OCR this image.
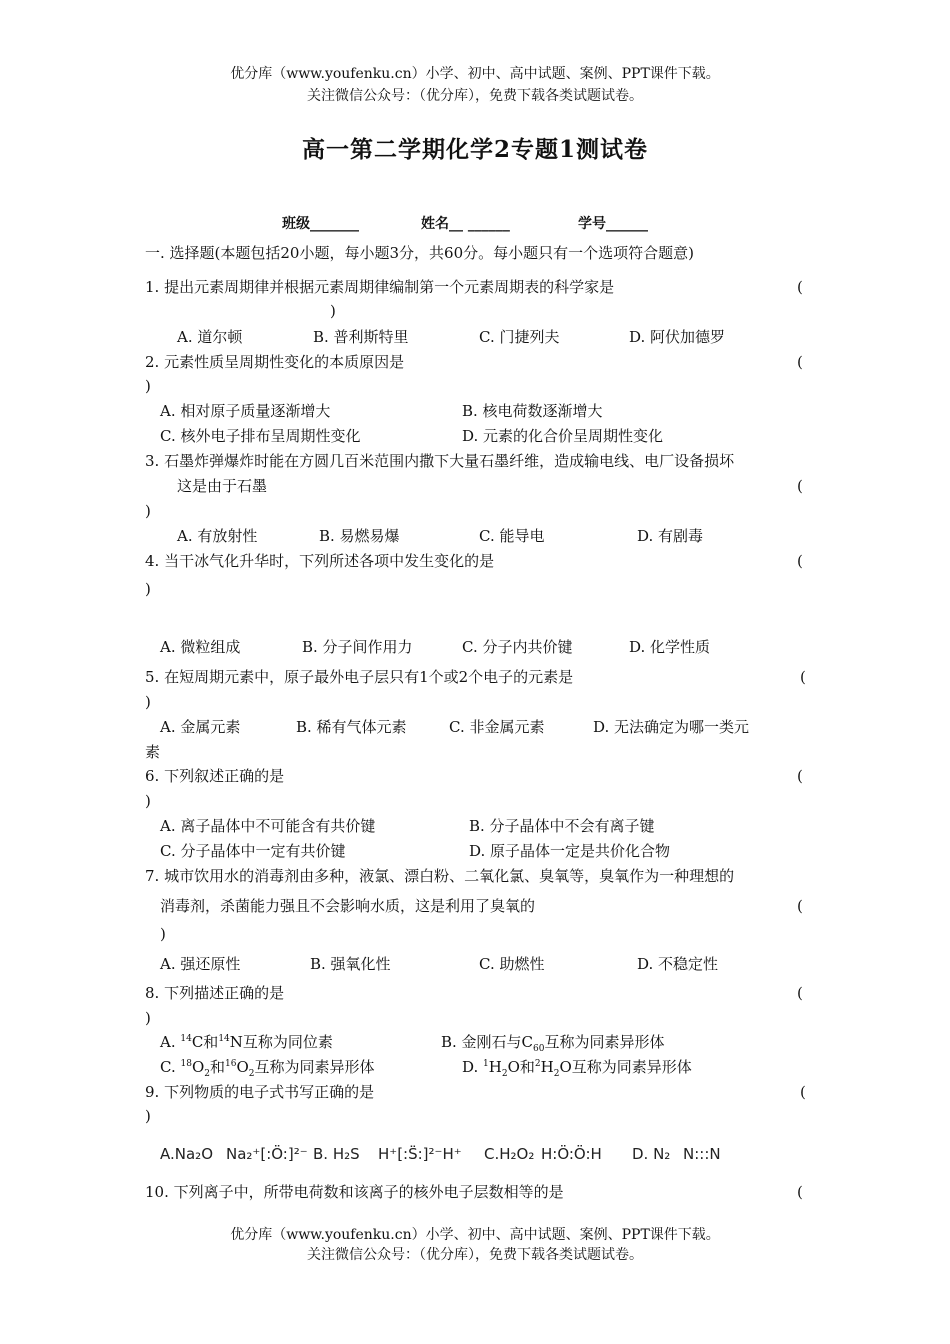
优分库（www.youfenku.cn）小学、初中、高中试题、案例、PPT课件下载。
关注微信公众号：（优分库），免费下载各类试题试卷。
高一第二学期化学2专题1测试卷
班级_______	姓名__ ______	学号______
一. 选择题(本题包括20小题，每小题3分，共60分。每小题只有一个选项符合题意)
1. 提出元素周期律并根据元素周期律编制第一个元素周期表的科学家是	(
)
A. 道尔顿	B. 普利斯特里	C. 门捷列夫	D. 阿伏加德罗
2. 元素性质呈周期性变化的本质原因是	(
)
A. 相对原子质量逐渐增大	B. 核电荷数逐渐增大
C. 核外电子排布呈周期性变化	D. 元素的化合价呈周期性变化
3. 石墨炸弹爆炸时能在方圆几百米范围内撒下大量石墨纤维，造成输电线、电厂设备损坏
这是由于石墨	(
)
A. 有放射性	B. 易燃易爆	C. 能导电	D. 有剧毒
4. 当干冰气化升华时，下列所述各项中发生变化的是	(
)
A. 微粒组成	B. 分子间作用力	C. 分子内共价键	D. 化学性质
5. 在短周期元素中，原子最外电子层只有1个或2个电子的元素是	(
)
A. 金属元素	B. 稀有气体元素	C. 非金属元素	D. 无法确定为哪一类元
素
6. 下列叙述正确的是	(
)
A. 离子晶体中不可能含有共价键	B. 分子晶体中不会有离子键
C. 分子晶体中一定有共价键	D. 原子晶体一定是共价化合物
7. 城市饮用水的消毒剂由多种，液氯、漂白粉、二氧化氯、臭氧等，臭氧作为一种理想的
消毒剂，杀菌能力强且不会影响水质，这是利用了臭氧的	(
)
A. 强还原性	B. 强氧化性	C. 助燃性	D. 不稳定性
8. 下列描述正确的是	(
)
A. $^{14}$C和$^{14}$N互称为同位素	B. 金刚石与$C_{60}$互称为同素异形体
C. $^{18}O_2$和$^{16}O_2$互称为同素异形体	D. $^1H_2O$和$^2H_2O$互称为同素异形体
9. 下列物质的电子式书写正确的是	(
)
A.Na₂O Na₂⁺[:Ö:]²⁻ B. H₂S H⁺[:S̈:]²⁻H⁺ C.H₂O₂ H:Ö:Ö:H D. N₂ N:::N
10. 下列离子中，所带电荷数和该离子的核外电子层数相等的是	(
优分库（www.youfenku.cn）小学、初中、高中试题、案例、PPT课件下载。
关注微信公众号：（优分库），免费下载各类试题试卷。
